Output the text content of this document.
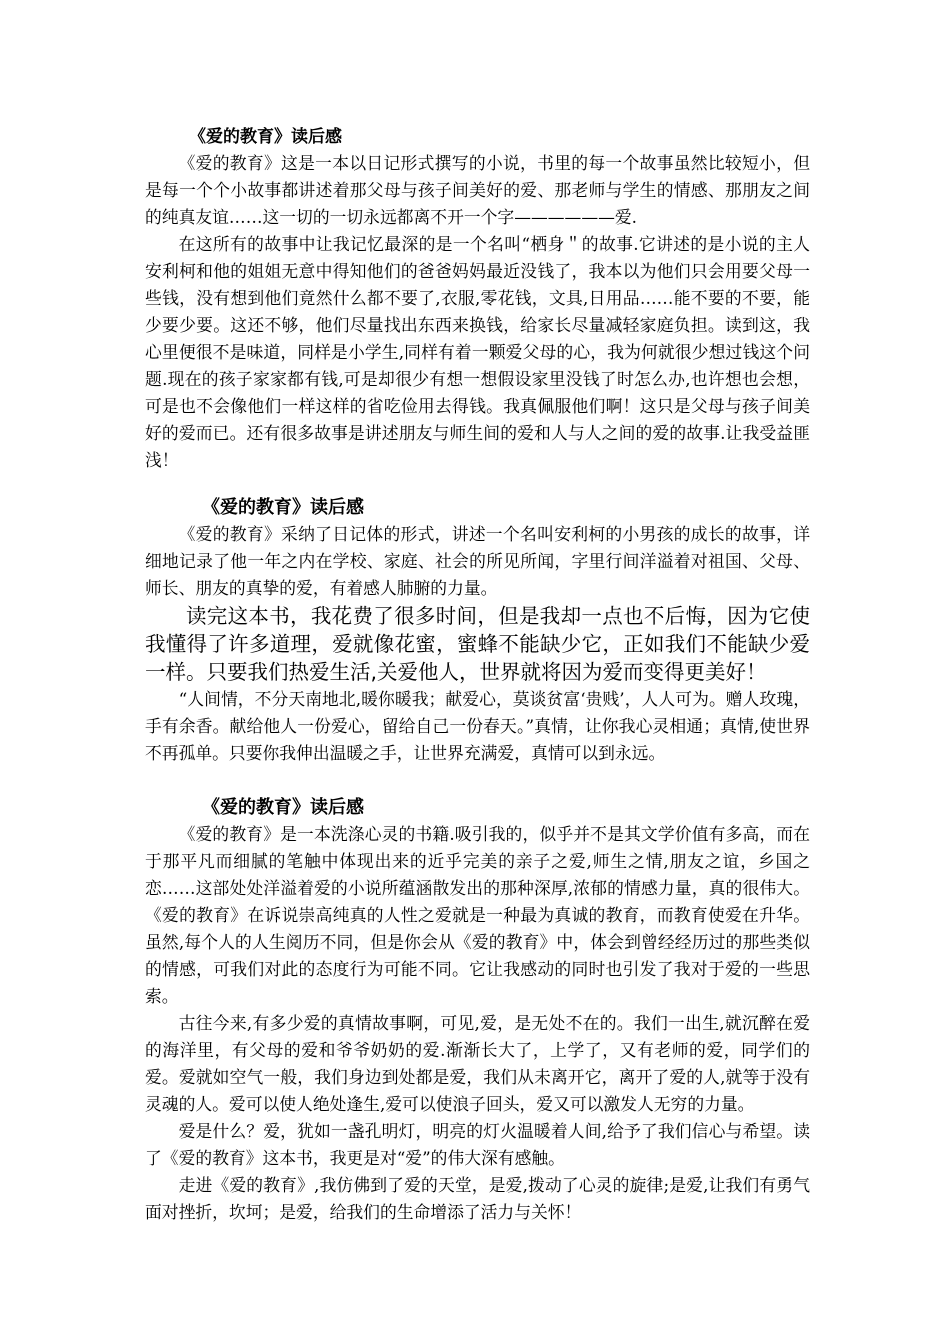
《爱的教育》读后感

《爱的教育》这是一本以日记形式撰写的小说，书里的每一个故事虽然比较短小，但是每一个个小故事都讲述着那父母与孩子间美好的爱、那老师与学生的情感、那朋友之间的纯真友谊……这一切的一切永远都离不开一个字——————爱.

在这所有的故事中让我记忆最深的是一个名叫“栖身＂的故事.它讲述的是小说的主人安利柯和他的姐姐无意中得知他们的爸爸妈妈最近没钱了，我本以为他们只会用要父母一些钱，没有想到他们竟然什么都不要了,衣服,零花钱，文具,日用品……能不要的不要，能少要少要。这还不够，他们尽量找出东西来换钱，给家长尽量减轻家庭负担。读到这，我心里便很不是味道，同样是小学生,同样有着一颗爱父母的心，我为何就很少想过钱这个问题.现在的孩子家家都有钱,可是却很少有想一想假设家里没钱了时怎么办,也许想也会想，可是也不会像他们一样这样的省吃俭用去得钱。我真佩服他们啊！这只是父母与孩子间美好的爱而已。还有很多故事是讲述朋友与师生间的爱和人与人之间的爱的故事.让我受益匪浅！

《爱的教育》读后感

《爱的教育》采纳了日记体的形式，讲述一个名叫安利柯的小男孩的成长的故事，详细地记录了他一年之内在学校、家庭、社会的所见所闻，字里行间洋溢着对祖国、父母、师长、朋友的真挚的爱，有着感人肺腑的力量。

读完这本书，我花费了很多时间，但是我却一点也不后悔，因为它使我懂得了许多道理，爱就像花蜜，蜜蜂不能缺少它，正如我们不能缺少爱一样。只要我们热爱生活,关爱他人，世界就将因为爱而变得更美好！

“人间情，不分天南地北,暖你暖我；献爱心，莫谈贫富‘贵贱’，人人可为。赠人玫瑰，手有余香。献给他人一份爱心，留给自己一份春天。”真情，让你我心灵相通；真情,使世界不再孤单。只要你我伸出温暖之手，让世界充满爱，真情可以到永远。

《爱的教育》读后感

《爱的教育》是一本洗涤心灵的书籍.吸引我的，似乎并不是其文学价值有多高，而在于那平凡而细腻的笔触中体现出来的近乎完美的亲子之爱,师生之情,朋友之谊，乡国之恋……这部处处洋溢着爱的小说所蕴涵散发出的那种深厚,浓郁的情感力量，真的很伟大。《爱的教育》在诉说崇高纯真的人性之爱就是一种最为真诚的教育，而教育使爱在升华。虽然,每个人的人生阅历不同，但是你会从《爱的教育》中，体会到曾经经历过的那些类似的情感，可我们对此的态度行为可能不同。它让我感动的同时也引发了我对于爱的一些思索。

古往今来,有多少爱的真情故事啊，可见,爱，是无处不在的。我们一出生,就沉醉在爱的海洋里，有父母的爱和爷爷奶奶的爱.渐渐长大了，上学了，又有老师的爱，同学们的爱。爱就如空气一般，我们身边到处都是爱，我们从未离开它，离开了爱的人,就等于没有灵魂的人。爱可以使人绝处逢生,爱可以使浪子回头，爱又可以激发人无穷的力量。

爱是什么？爱，犹如一盏孔明灯，明亮的灯火温暖着人间,给予了我们信心与希望。读了《爱的教育》这本书，我更是对“爱”的伟大深有感触。

走进《爱的教育》,我仿佛到了爱的天堂，是爱,拨动了心灵的旋律;是爱,让我们有勇气面对挫折，坎坷；是爱，给我们的生命增添了活力与关怀！
